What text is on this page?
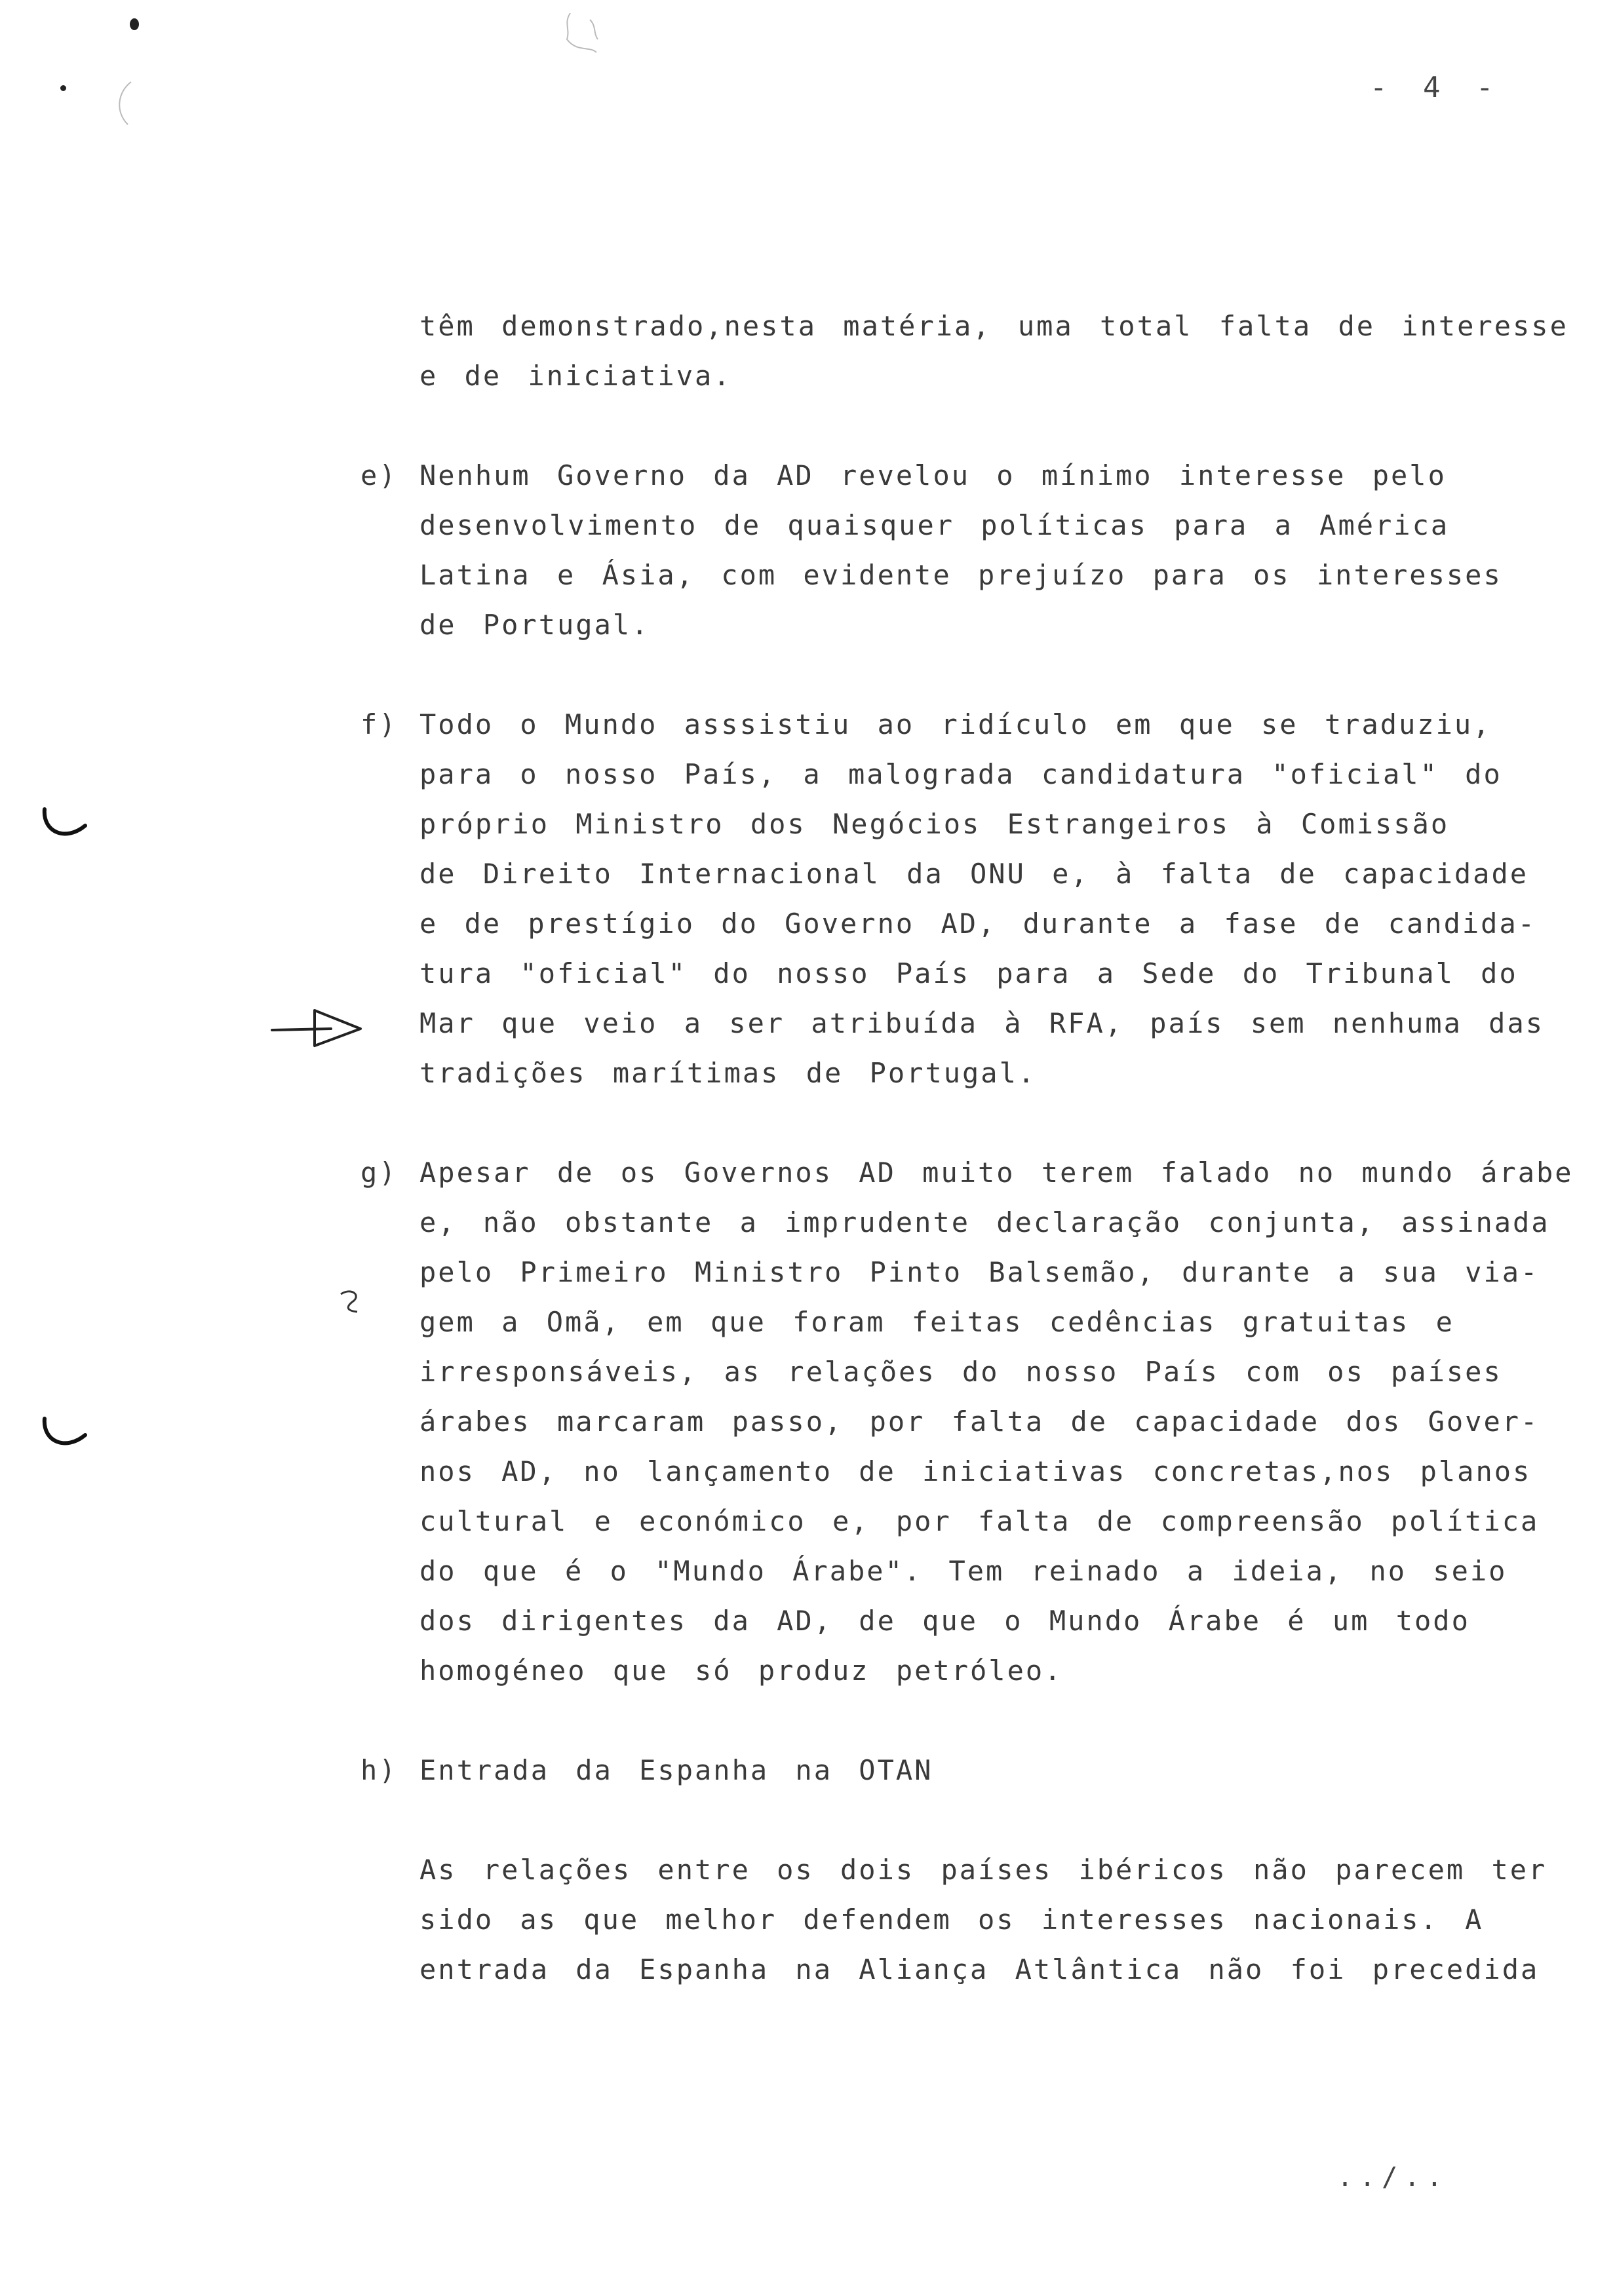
- 4 -
têm demonstrado,nesta matéria, uma total falta de interesse
e de iniciativa.
e) Nenhum Governo da AD revelou o mínimo interesse pelo
desenvolvimento de quaisquer políticas para a América
Latina e Ásia, com evidente prejuízo para os interesses
de Portugal.
f) Todo o Mundo asssistiu ao ridículo em que se traduziu,
para o nosso País, a malograda candidatura "oficial" do
próprio Ministro dos Negócios Estrangeiros à Comissão
de Direito Internacional da ONU e, à falta de capacidade
e de prestígio do Governo AD, durante a fase de candida-
tura "oficial" do nosso País para a Sede do Tribunal do
Mar que veio a ser atribuída à RFA, país sem nenhuma das
tradições marítimas de Portugal.
g) Apesar de os Governos AD muito terem falado no mundo árabe
e, não obstante a imprudente declaração conjunta, assinada
pelo Primeiro Ministro Pinto Balsemão, durante a sua via-
gem a Omã, em que foram feitas cedências gratuitas e
irresponsáveis, as relações do nosso País com os países
árabes marcaram passo, por falta de capacidade dos Gover-
nos AD, no lançamento de iniciativas concretas,nos planos
cultural e económico e, por falta de compreensão política
do que é o "Mundo Árabe". Tem reinado a ideia, no seio
dos dirigentes da AD, de que o Mundo Árabe é um todo
homogéneo que só produz petróleo.
h) Entrada da Espanha na OTAN
As relações entre os dois países ibéricos não parecem ter
sido as que melhor defendem os interesses nacionais. A
entrada da Espanha na Aliança Atlântica não foi precedida
../..
